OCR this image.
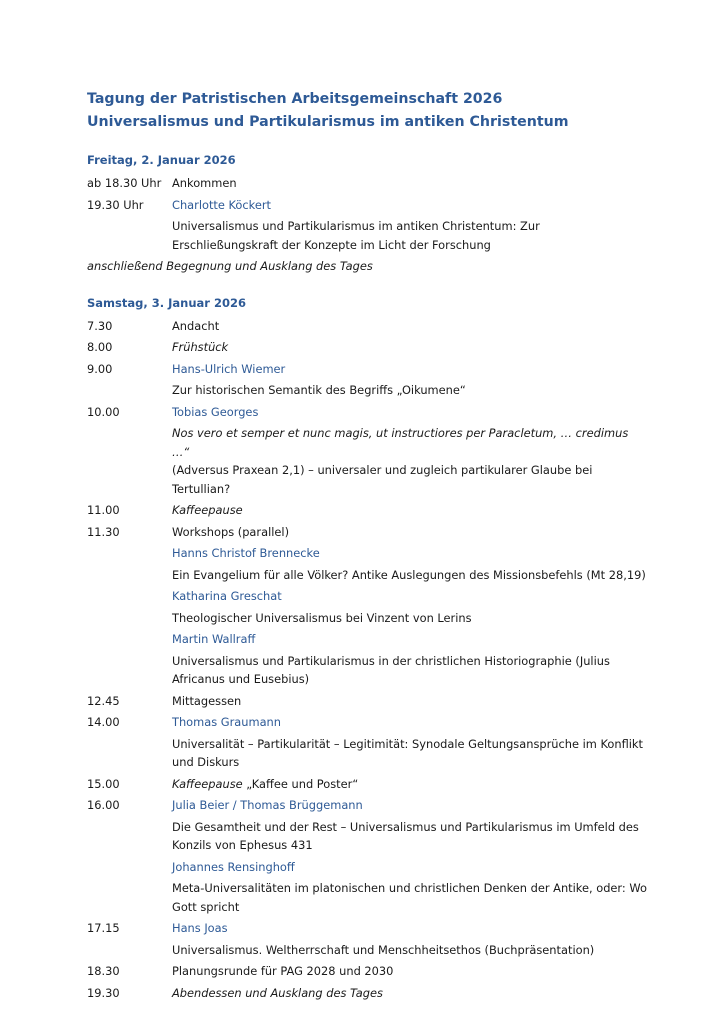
Tagung der Patristischen Arbeitsgemeinschaft 2026
Universalismus und Partikularismus im antiken Christentum
Freitag, 2. Januar 2026
ab 18.30 Uhr Ankommen
19.30 Uhr	Charlotte Köckert
Universalismus und Partikularismus im antiken Christentum: Zur Erschließungskraft der Konzepte im Licht der Forschung
anschließend Begegnung und Ausklang des Tages
Samstag, 3. Januar 2026
7.30	Andacht
8.00	Frühstück
9.00	Hans-Ulrich Wiemer
Zur historischen Semantik des Begriffs „Oikumene“
10.00	Tobias Georges
Nos vero et semper et nunc magis, ut instructiores per Paracletum, … credimus …“
(Adversus Praxean 2,1) – universaler und zugleich partikularer Glaube bei Tertullian?
11.00	Kaffeepause
11.30	Workshops (parallel)
Hanns Christof Brennecke
Ein Evangelium für alle Völker? Antike Auslegungen des Missionsbefehls (Mt 28,19)
Katharina Greschat
Theologischer Universalismus bei Vinzent von Lerins
Martin Wallraff
Universalismus und Partikularismus in der christlichen Historiographie (Julius Africanus und Eusebius)
12.45	Mittagessen
14.00	Thomas Graumann
Universalität – Partikularität – Legitimität: Synodale Geltungsansprüche im Konflikt und Diskurs
15.00	Kaffeepause „Kaffee und Poster“
16.00	Julia Beier / Thomas Brüggemann
Die Gesamtheit und der Rest – Universalismus und Partikularismus im Umfeld des Konzils von Ephesus 431
Johannes Rensinghoff
Meta-Universalitäten im platonischen und christlichen Denken der Antike, oder: Wo Gott spricht
17.15	Hans Joas
Universalismus. Weltherrschaft und Menschheitsethos (Buchpräsentation)
18.30	Planungsrunde für PAG 2028 und 2030
19.30	Abendessen und Ausklang des Tages
